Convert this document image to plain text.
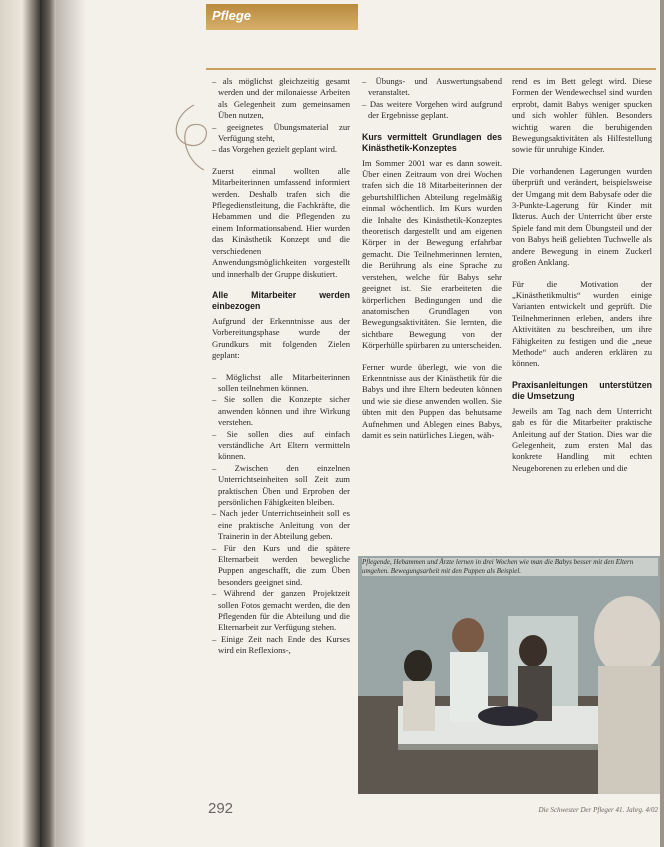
Pflege
– als möglichst gleichzeitig gesamt werden und der milonaiesse Arbeiten als Gelegenheit zum gemeinsamen Üben nutzen,
– geeignetes Übungsmaterial zur Verfügung steht,
– das Vorgehen gezielt geplant wird.

Zuerst einmal wollten alle Mitarbeiterinnen umfassend informiert werden. Deshalb trafen sich die Pflegedienstleitung, die Fachkräfte, die Hebammen und die Pflegenden zu einem Informationsabend. Hier wurden das Kinästhetik Konzept und die verschiedenen Anwendungsmöglichkeiten vorgestellt und innerhalb der Gruppe diskutiert.

Alle Mitarbeiter werden einbezogen

Aufgrund der Erkenntnisse aus der Vorbereitungsphase wurde der Grundkurs mit folgenden Zielen geplant:

– Möglichst alle Mitarbeiterinnen sollen teilnehmen können.
– Sie sollen die Konzepte sicher anwenden können und ihre Wirkung verstehen.
– Sie sollen dies auf einfach verständliche Art Eltern vermitteln können.
– Zwischen den einzelnen Unterrichtseinheiten soll Zeit zum praktischen Üben und Erproben der persönlichen Fähigkeiten bleiben.
– Nach jeder Unterrichtseinheit soll es eine praktische Anleitung von der Trainerin in der Abteilung geben.
– Für den Kurs und die spätere Elternarbeit werden bewegliche Puppen angeschafft, die zum Üben besonders geeignet sind.
– Während der ganzen Projektzeit sollen Fotos gemacht werden, die den Pflegenden für die Abteilung und die Elternarbeit zur Verfügung stehen.
– Einige Zeit nach Ende des Kurses wird ein Reflexions-,
– Übungs- und Auswertungsabend veranstaltet.
– Das weitere Vorgehen wird aufgrund der Ergebnisse geplant.
Kurs vermittelt Grundlagen des Kinästhetik-Konzeptes

Im Sommer 2001 war es dann soweit. Über einen Zeitraum von drei Wochen trafen sich die 18 Mitarbeiterinnen der geburtshilflichen Abteilung regelmäßig einmal wöchentlich. Im Kurs wurden die Inhalte des Kinästhetik-Konzeptes theoretisch dargestellt und am eigenen Körper in der Bewegung erfahrbar gemacht. Die Teilnehmerinnen lernten, die Berührung als eine Sprache zu verstehen, welche für Babys sehr geeignet ist. Sie erarbeiteten die körperlichen Bedingungen und die anatomischen Grundlagen von Bewegungsaktivitäten. Sie lernten, die sichtbare Bewegung von der Körperhülle spürbaren zu unterscheiden.

Ferner wurde überlegt, wie von die Erkenntnisse aus der Kinästhetik für die Babys und ihre Eltern bedeuten können und wie sie diese anwenden wollen. Sie übten mit den Puppen das behutsame Aufnehmen und Ablegen eines Babys, damit es sein natürliches Liegen, wäh-

rend es im Bett gelegt wird. Diese Formen der Wendewechsel sind wurden erprobt, damit Babys weniger spucken und sich wohler fühlen. Besonders wichtig waren die beruhigenden Bewegungsaktivitäten als Hilfestellung sowie für unruhige Kinder.

Die vorhandenen Lagerungen wurden überprüft und verändert, beispielsweise der Umgang mit dem Babysafe oder die 3-Punkte-Lagerung für Kinder mit Ikterus. Auch der Unterricht über erste Spiele fand mit dem Übungsteil und der von Babys heiß geliebten Tuchwelle als andere Bewegung in einem Zuckerl großen Anklang.

Für die Motivation der „Kinästhetikmultis“ wurden einige Varianten entwickelt und geprüft. Die Teilnehmerinnen erleben, anders ihre Aktivitäten zu beschreiben, um ihre Fähigkeiten zu festigen und die „neue Methode“ auch anderen erklären zu können.

Praxisanleitungen unterstützen die Umsetzung

Jeweils am Tag nach dem Unterricht gab es für die Mitarbeiter praktische Anleitung auf der Station. Dies war die Gelegenheit, zum ersten Mal das konkrete Handling mit echten Neugeborenen zu erleben und die

Pflegende, Hebammen und Ärzte lernen in drei Wochen wie man die Babys besser mit den Eltern umgehen. Bewegungsarbeit mit den Puppen als Beispiel.
292	Die Schwester Der Pfleger 41. Jahrg. 4/02
